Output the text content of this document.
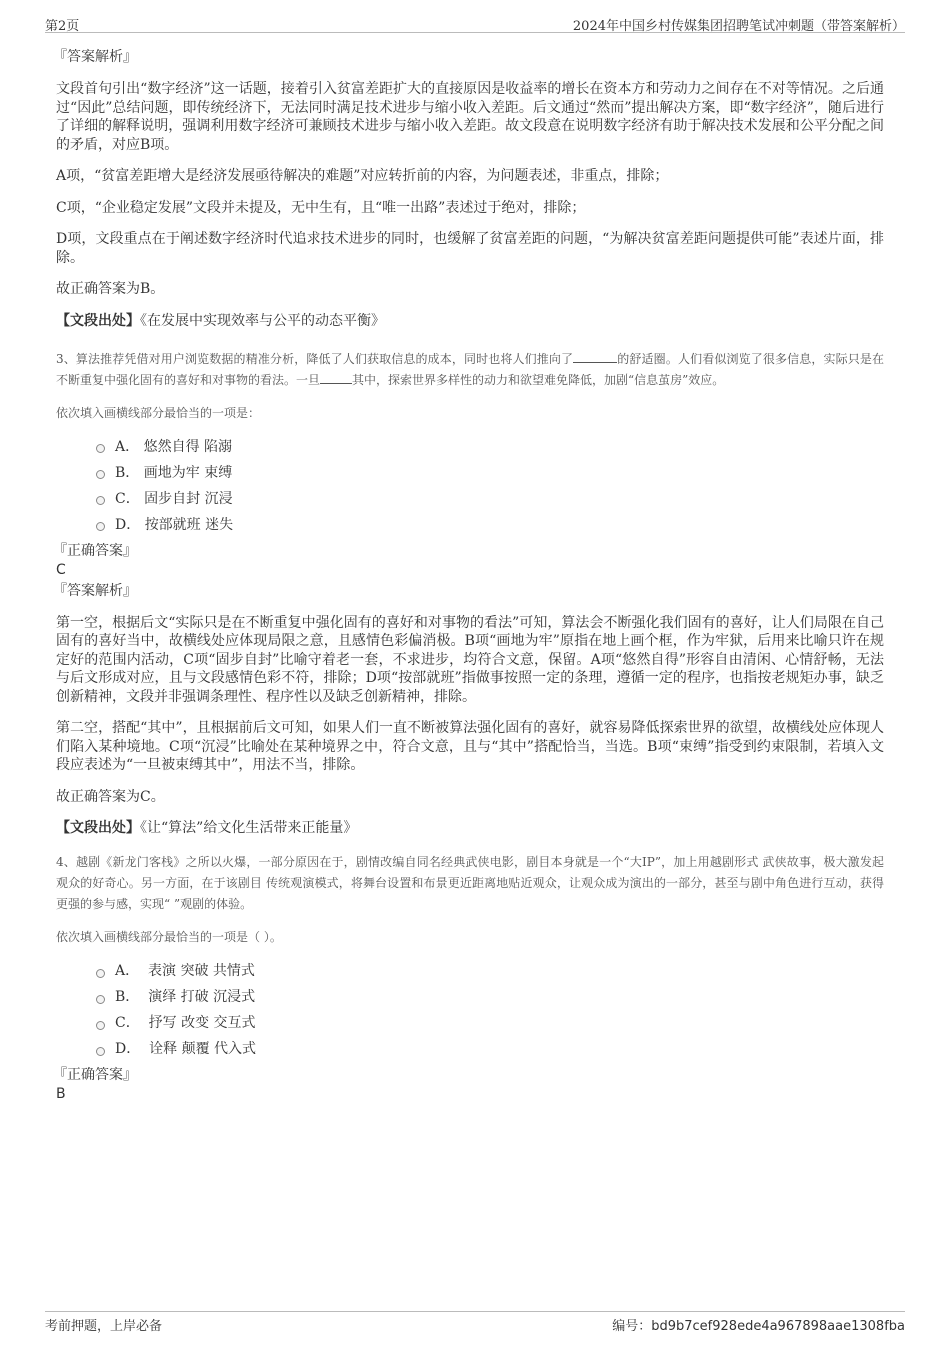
第2页	2024年中国乡村传媒集团招聘笔试冲刺题（带答案解析）
『答案解析』

文段首句引出“数字经济”这一话题，接着引入贫富差距扩大的直接原因是收益率的增长在资本方和劳动力之间存在不对等情况。之后通过“因此”总结问题，即传统经济下，无法同时满足技术进步与缩小收入差距。后文通过“然而”提出解决方案，即“数字经济”，随后进行了详细的解释说明，强调利用数字经济可兼顾技术进步与缩小收入差距。故文段意在说明数字经济有助于解决技术发展和公平分配之间的矛盾，对应B项。

A项，“贫富差距增大是经济发展亟待解决的难题”对应转折前的内容，为问题表述，非重点，排除；

C项，“企业稳定发展”文段并未提及，无中生有，且“唯一出路”表述过于绝对，排除；

D项，文段重点在于阐述数字经济时代追求技术进步的同时，也缓解了贫富差距的问题，“为解决贫富差距问题提供可能”表述片面，排除。

故正确答案为B。

【文段出处】《在发展中实现效率与公平的动态平衡》

3、算法推荐凭借对用户浏览数据的精准分析，降低了人们获取信息的成本，同时也将人们推向了	的舒适圈。人们看似浏览了很多信息，实际只是在不断重复中强化固有的喜好和对事物的看法。一旦	其中，探索世界多样性的动力和欲望难免降低，加剧“信息茧房”效应。

依次填入画横线部分最恰当的一项是：

A．
悠然自得 陷溺
B．
画地为牢 束缚
C．
固步自封 沉浸
D．
按部就班 迷失
『正确答案』
C
『答案解析』

第一空，根据后文“实际只是在不断重复中强化固有的喜好和对事物的看法”可知，算法会不断强化我们固有的喜好，让人们局限在自己固有的喜好当中，故横线处应体现局限之意，且感情色彩偏消极。B项“画地为牢”原指在地上画个框，作为牢狱，后用来比喻只许在规定好的范围内活动，C项“固步自封”比喻守着老一套，不求进步，均符合文意，保留。A项“悠然自得”形容自由清闲、心情舒畅，无法与后文形成对应，且与文段感情色彩不符，排除；D项“按部就班”指做事按照一定的条理，遵循一定的程序，也指按老规矩办事，缺乏创新精神，文段并非强调条理性、程序性以及缺乏创新精神，排除。

第二空，搭配“其中”，且根据前后文可知，如果人们一直不断被算法强化固有的喜好，就容易降低探索世界的欲望，故横线处应体现人们陷入某种境地。C项“沉浸”比喻处在某种境界之中，符合文意，且与“其中”搭配恰当，当选。B项“束缚”指受到约束限制，若填入文段应表述为“一旦被束缚其中”，用法不当，排除。

故正确答案为C。

【文段出处】《让“算法”给文化生活带来正能量》

4、越剧《新龙门客栈》之所以火爆，一部分原因在于，剧情改编自同名经典武侠电影，剧目本身就是一个“大IP”，加上用越剧形式 武侠故事，极大激发起观众的好奇心。另一方面，在于该剧目 传统观演模式，将舞台设置和布景更近距离地贴近观众，让观众成为演出的一部分，甚至与剧中角色进行互动，获得更强的参与感，实现“ ”观剧的体验。

依次填入画横线部分最恰当的一项是（ ）。

A．
表演 突破 共情式
B．
演绎 打破 沉浸式
C．
抒写 改变 交互式
D．
诠释 颠覆 代入式
『正确答案』
B
考前押题，上岸必备	编号：bd9b7cef928ede4a967898aae1308fba
